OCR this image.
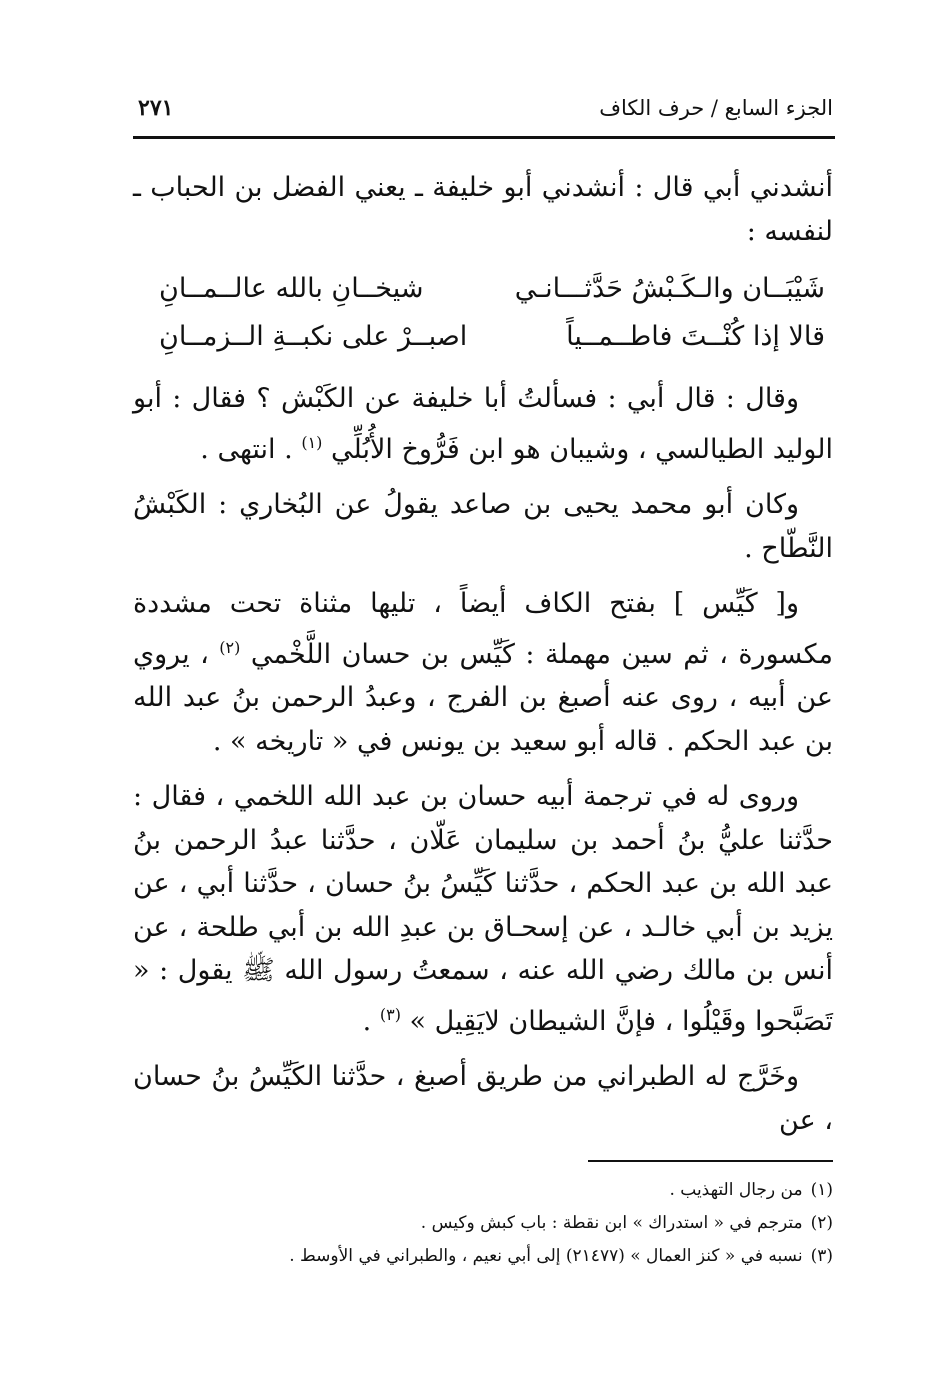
الجزء السابع / حرف الكاف
٢٧١

أنشدني أبي قال : أنشدني أبو خليفة ـ يعني الفضل بن الحباب ـ لنفسه :

شَيْبَــان والـكَـبْشُ حَدَّثـــانـي
شيخــانِ بالله عالــمــانِ
قالا إذا كُنْــتَ فاطــمــياً
اصبــرْ على نكبــةِ الــزمــانِ

وقال : قال أبي : فسألتُ أبا خليفة عن الكَبْش ؟ فقال : أبو الوليد الطيالسي ، وشيبان هو ابن فَرُّوخ الأُبُلِّي $^{(١)}$ . انتهى .

وكان أبو محمد يحيى بن صاعد يقولُ عن البُخاري : الكَبْشُ النَّطّاح .

و[ كَيِّس ] بفتح الكاف أيضاً ، تليها مثناة تحت مشددة مكسورة ، ثم سين مهملة : كَيِّس بن حسان اللَّخْمي $^{(٢)}$ ، يروي عن أبيه ، روى عنه أصبغ بن الفرج ، وعبدُ الرحمن بنُ عبد الله بن عبد الحكم . قاله أبو سعيد بن يونس في « تاريخه » .

وروى له في ترجمة أبيه حسان بن عبد الله اللخمي ، فقال : حدَّثنا عليُّ بنُ أحمد بن سليمان عَلّان ، حدَّثنا عبدُ الرحمن بنُ عبد الله بن عبد الحكم ، حدَّثنا كَيِّسُ بنُ حسان ، حدَّثنا أبي ، عن يزيد بن أبي خالـد ، عن إسحـاق بن عبدِ الله بن أبي طلحة ، عن أنس بن مالك رضي الله عنه ، سمعتُ رسول الله ﷺ يقول : « تَصَبَّحوا وقَيْلُوا ، فإنَّ الشيطان لايَقِيل » $^{(٣)}$ .

وخَرَّج له الطبراني من طريق أصبغ ، حدَّثنا الكَيِّسُ بنُ حسان ، عن

(١)
من رجال التهذيب .
(٢)
مترجم في « استدراك » ابن نقطة : باب كبش وكيس .
(٣)
نسبه في « كنز العمال » (٢١٤٧٧) إلى أبي نعيم ، والطبراني في الأوسط .
